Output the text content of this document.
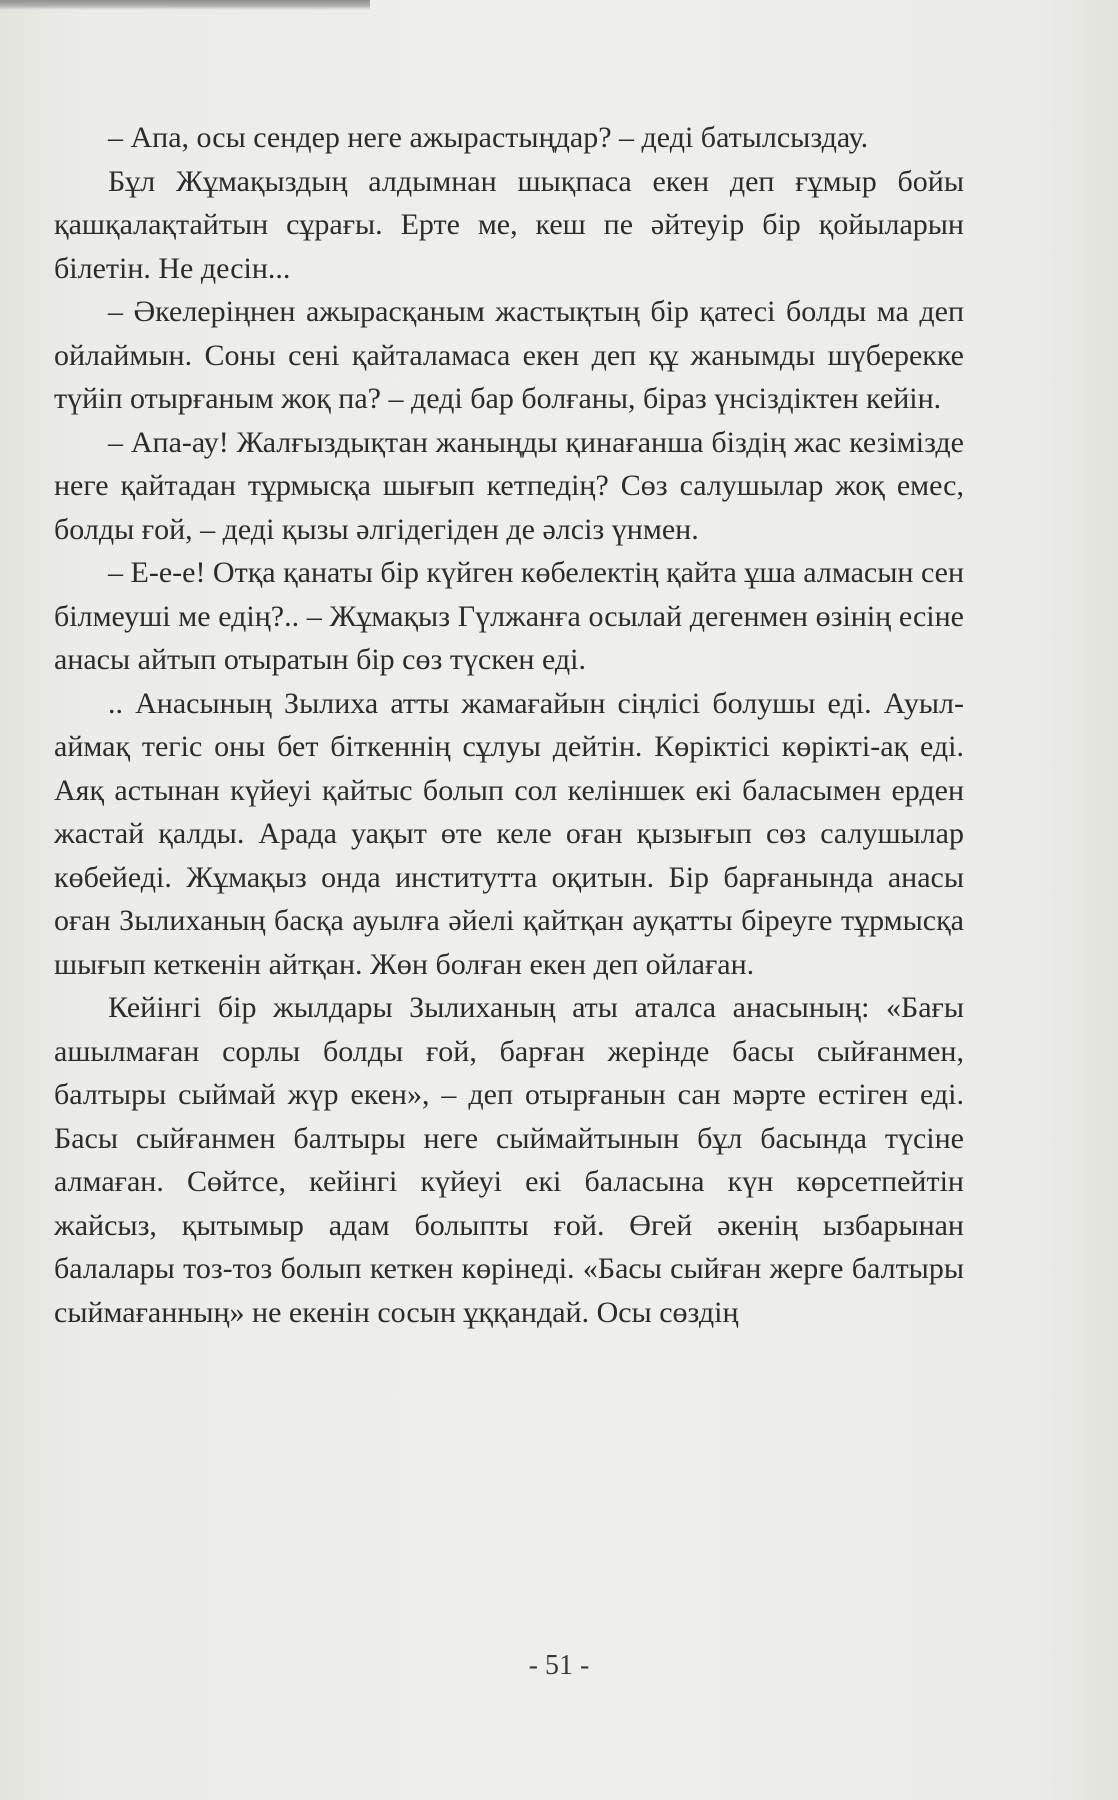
– Апа, осы сендер неге ажырастыңдар? – деді батылсыздау.

Бұл Жұмақыздың алдымнан шықпаса екен деп ғұмыр бойы қашқалақтайтын сұрағы. Ерте ме, кеш пе әйтеуір бір қойыларын білетін. Не десін...

– Әкелеріңнен ажырасқаным жастықтың бір қатесі болды ма деп ойлаймын. Соны сені қайталамаса екен деп құ жанымды шүберекке түйіп отырғаным жоқ па? – деді бар болғаны, біраз үнсіздіктен кейін.

– Апа-ау! Жалғыздықтан жаныңды қинағанша біздің жас кезімізде неге қайтадан тұрмысқа шығып кетпедің? Сөз салушылар жоқ емес, болды ғой, – деді қызы әлгідегіден де әлсіз үнмен.

– Е-е-е! Отқа қанаты бір күйген көбелектің қайта ұша алмасын сен білмеуші ме едің?.. – Жұмақыз Гүлжанға осылай дегенмен өзінің есіне анасы айтып отыратын бір сөз түскен еді.

.. Анасының Зылиха атты жамағайын сіңлісі болушы еді. Ауыл-аймақ тегіс оны бет біткеннің сұлуы дейтін. Көріктісі көрікті-ақ еді. Аяқ астынан күйеуі қайтыс болып сол келіншек екі баласымен ерден жастай қалды. Арада уақыт өте келе оған қызығып сөз салушылар көбейеді. Жұмақыз онда институтта оқитын. Бір барғанында анасы оған Зылиханың басқа ауылға әйелі қайтқан ауқатты біреуге тұрмысқа шығып кеткенін айтқан. Жөн болған екен деп ойлаған.

Кейінгі бір жылдары Зылиханың аты аталса анасының: «Бағы ашылмаған сорлы болды ғой, барған жерінде басы сыйғанмен, балтыры сыймай жүр екен», – деп отырғанын сан мәрте естіген еді. Басы сыйғанмен балтыры неге сыймайтынын бұл басында түсіне алмаған. Сөйтсе, кейінгі күйеуі екі баласына күн көрсетпейтін жайсыз, қытымыр адам болыпты ғой. Өгей әкенің ызбарынан балалары тоз-тоз болып кеткен көрінеді. «Басы сыйған жерге балтыры сыймағанның» не екенін сосын ұққандай. Осы сөздің

- 51 -
